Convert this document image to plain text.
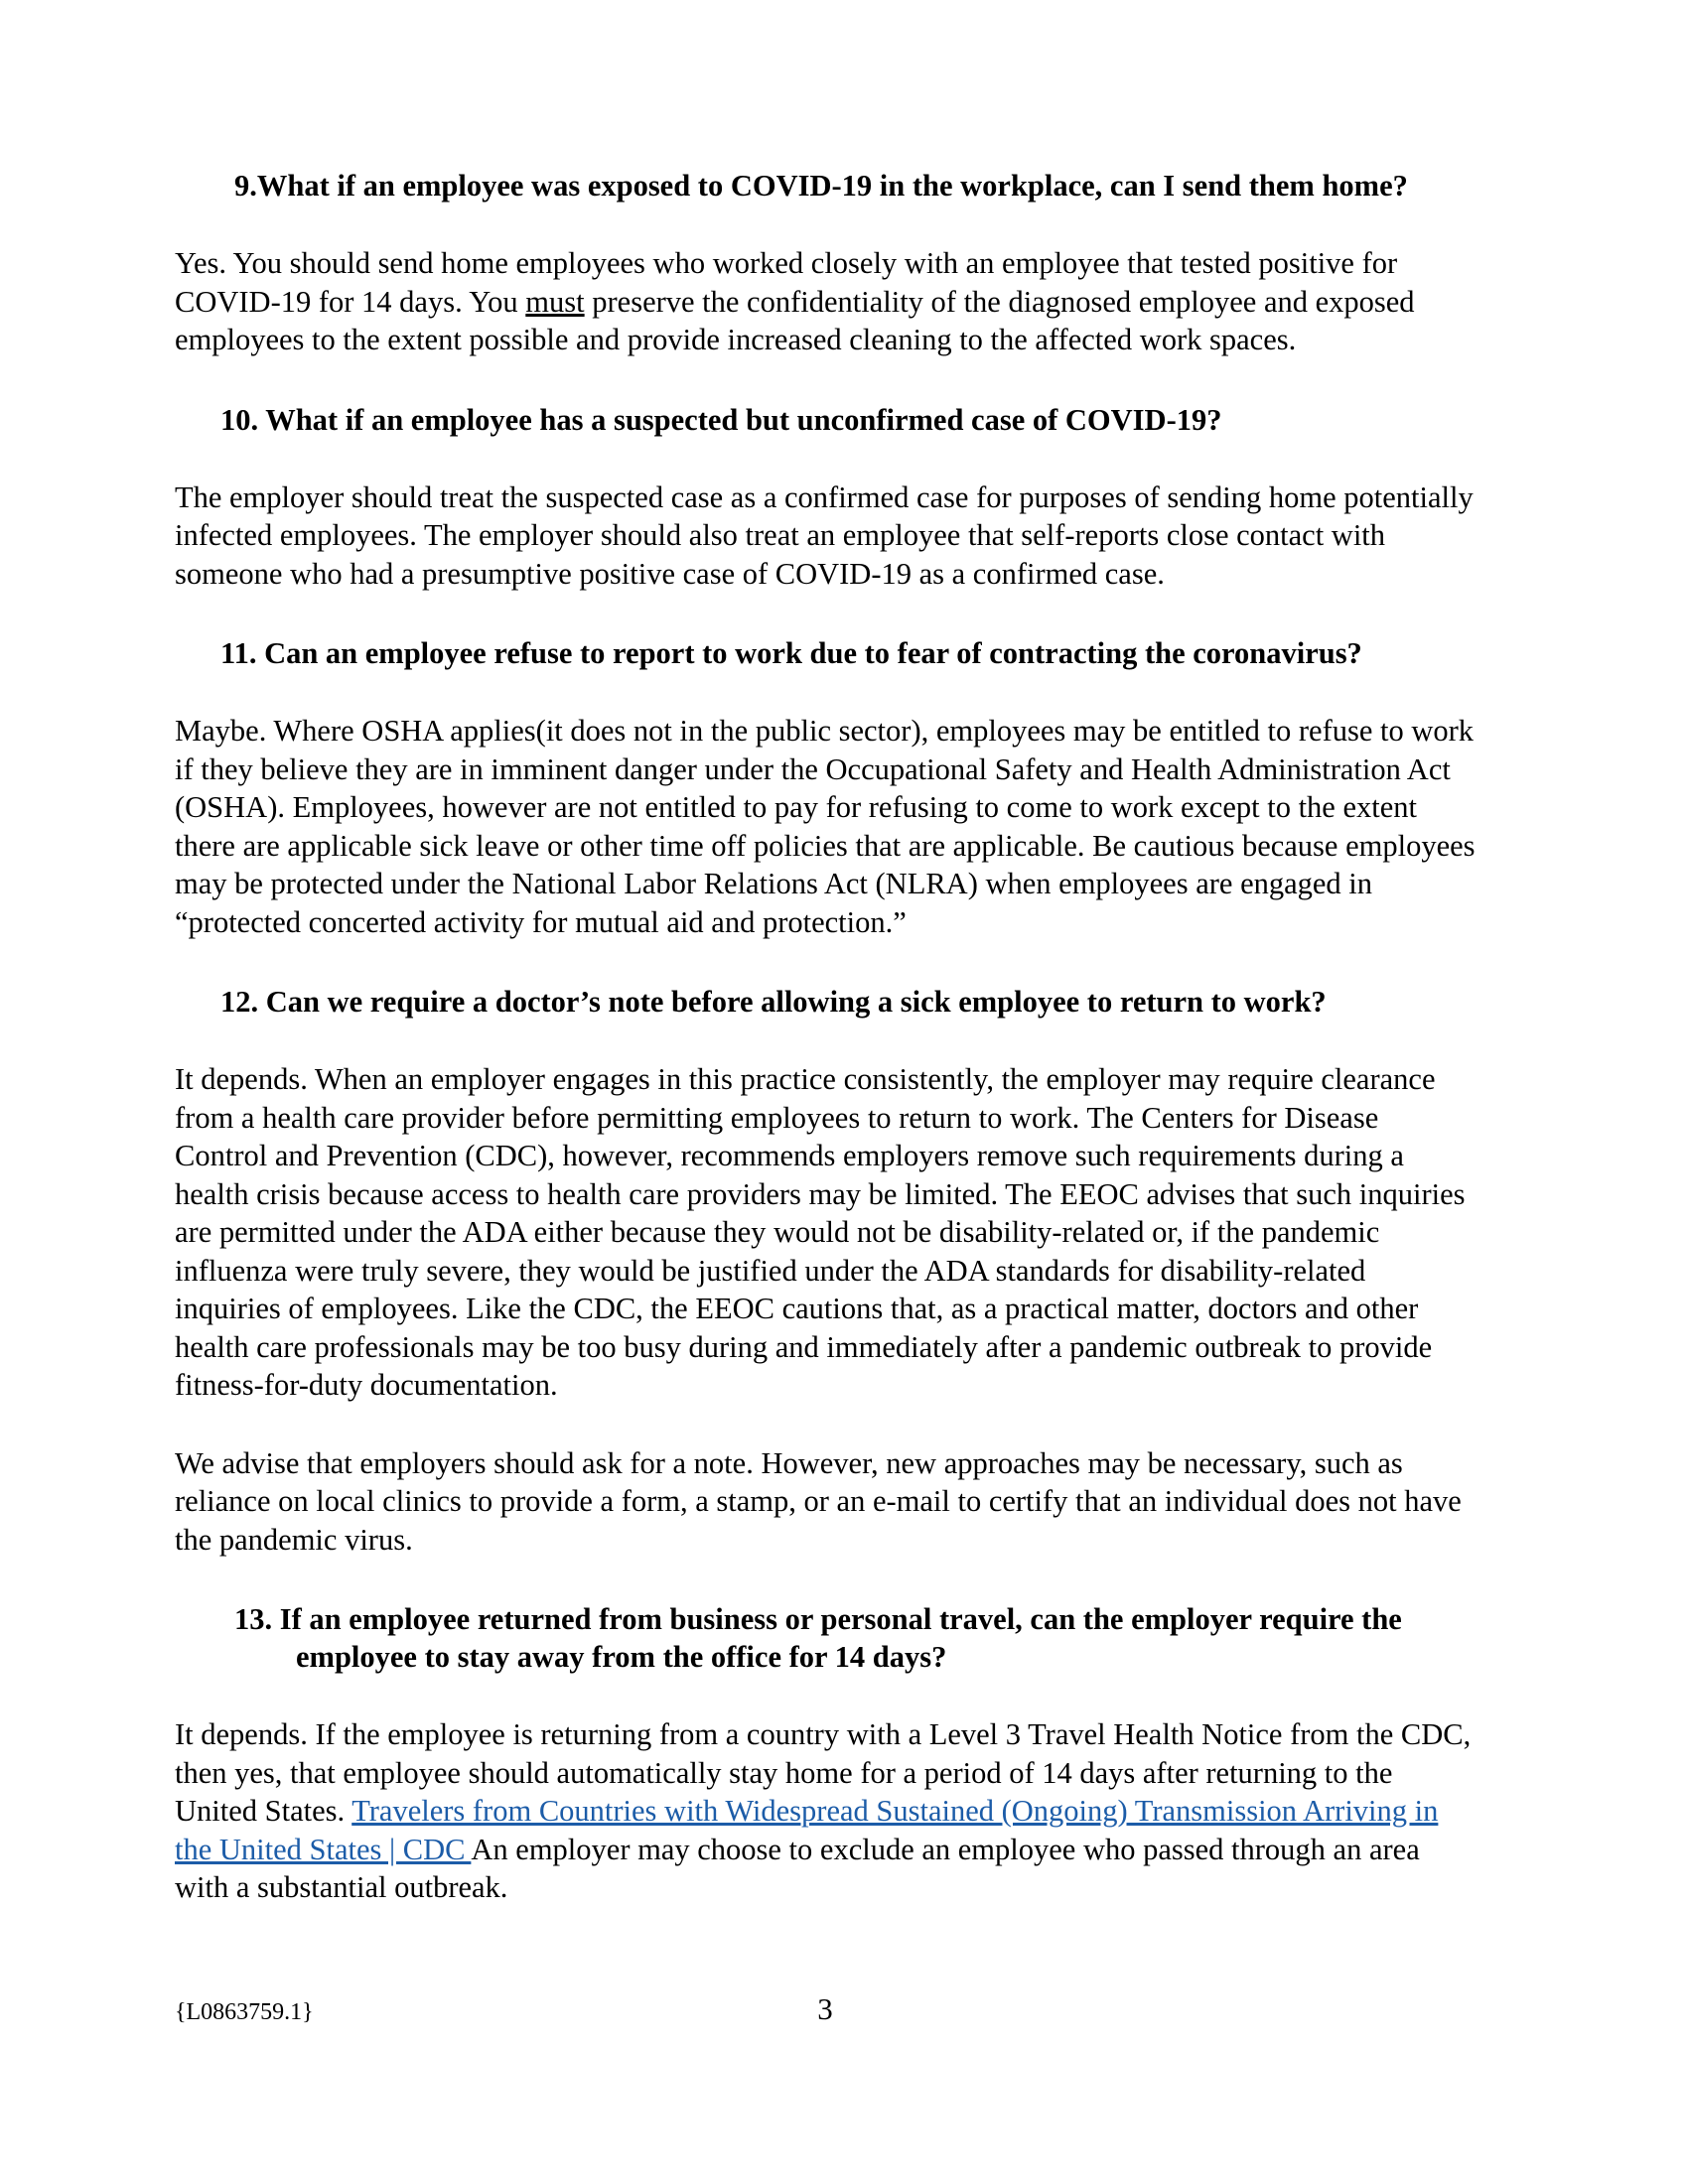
9.What if an employee was exposed to COVID-19 in the workplace, can I send them home?

Yes. You should send home employees who worked closely with an employee that tested positive for COVID-19 for 14 days. You must preserve the confidentiality of the diagnosed employee and exposed employees to the extent possible and provide increased cleaning to the affected work spaces.

10. What if an employee has a suspected but unconfirmed case of COVID-19?

The employer should treat the suspected case as a confirmed case for purposes of sending home potentially infected employees. The employer should also treat an employee that self-reports close contact with someone who had a presumptive positive case of COVID-19 as a confirmed case.

11. Can an employee refuse to report to work due to fear of contracting the coronavirus?

Maybe. Where OSHA applies(it does not in the public sector), employees may be entitled to refuse to work if they believe they are in imminent danger under the Occupational Safety and Health Administration Act (OSHA). Employees, however are not entitled to pay for refusing to come to work except to the extent there are applicable sick leave or other time off policies that are applicable. Be cautious because employees may be protected under the National Labor Relations Act (NLRA) when employees are engaged in “protected concerted activity for mutual aid and protection.”

12. Can we require a doctor’s note before allowing a sick employee to return to work?

It depends. When an employer engages in this practice consistently, the employer may require clearance from a health care provider before permitting employees to return to work. The Centers for Disease Control and Prevention (CDC), however, recommends employers remove such requirements during a health crisis because access to health care providers may be limited. The EEOC advises that such inquiries are permitted under the ADA either because they would not be disability-related or, if the pandemic influenza were truly severe, they would be justified under the ADA standards for disability-related inquiries of employees. Like the CDC, the EEOC cautions that, as a practical matter, doctors and other health care professionals may be too busy during and immediately after a pandemic outbreak to provide fitness-for-duty documentation.

We advise that employers should ask for a note. However, new approaches may be necessary, such as reliance on local clinics to provide a form, a stamp, or an e-mail to certify that an individual does not have the pandemic virus.

13. If an employee returned from business or personal travel, can the employer require the
employee to stay away from the office for 14 days?

It depends. If the employee is returning from a country with a Level 3 Travel Health Notice from the CDC, then yes, that employee should automatically stay home for a period of 14 days after returning to the United States. Travelers from Countries with Widespread Sustained (Ongoing) Transmission Arriving in the United States | CDC An employer may choose to exclude an employee who passed through an area with a substantial outbreak.

{L0863759.1}	3
